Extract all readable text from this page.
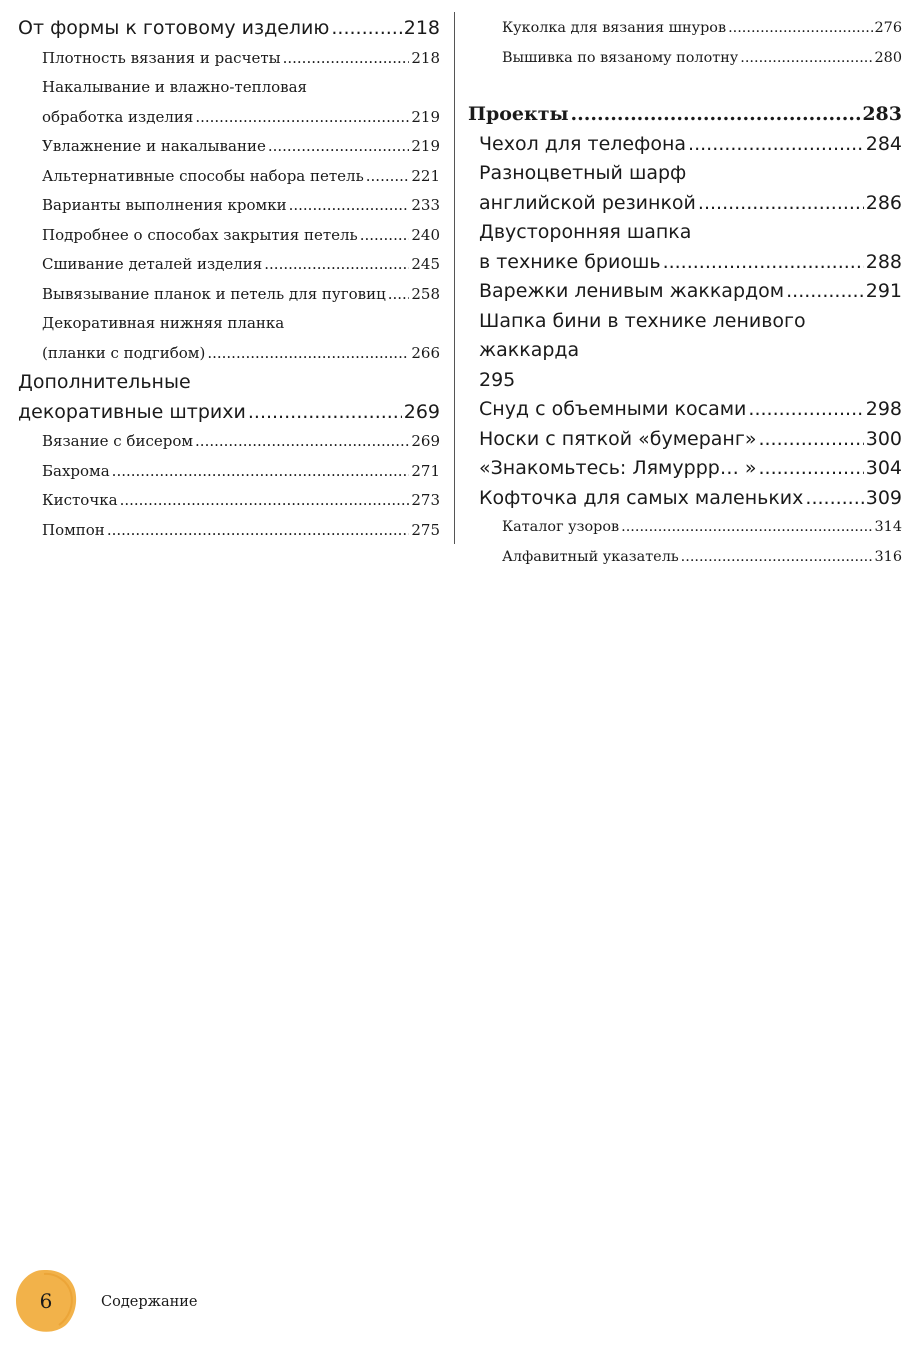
От формы к готовому изделию .....	218
Плотность вязания и расчеты .....	218
Накалывание и влажно-тепловая
обработка изделия .....	219
Увлажнение и накалывание .....	219
Альтернативные способы набора петель .....	221
Варианты выполнения кромки .....	233
Подробнее о способах закрытия петель .....	240
Сшивание деталей изделия .....	245
Вывязывание планок и петель для пуговиц ..... 258
Декоративная нижняя планка
(планки с подгибом) .....	266
Дополнительные
декоративные штрихи .....	269
Вязание с бисером .....	269
Бахрома .....	271
Кисточка .....	273
Помпон .....	275
Куколка для вязания шнуров .....	276
Вышивка по вязаному полотну .....	280
Проекты .....	283
Чехол для телефона .....	284
Разноцветный шарф
английской резинкой .....	286
Двусторонняя шапка
в технике бриошь .....	288
Варежки ленивым жаккардом .....	291
Шапка бини в технике ленивого жаккарда
295
Снуд с объемными косами .....	298
Носки с пяткой «бумеранг» .....	300
«Знакомьтесь: Лямуррр… » .....	304
Кофточка для самых маленьких .....	309
Каталог узоров .....	314
Алфавитный указатель .....	316
6	Содержание
